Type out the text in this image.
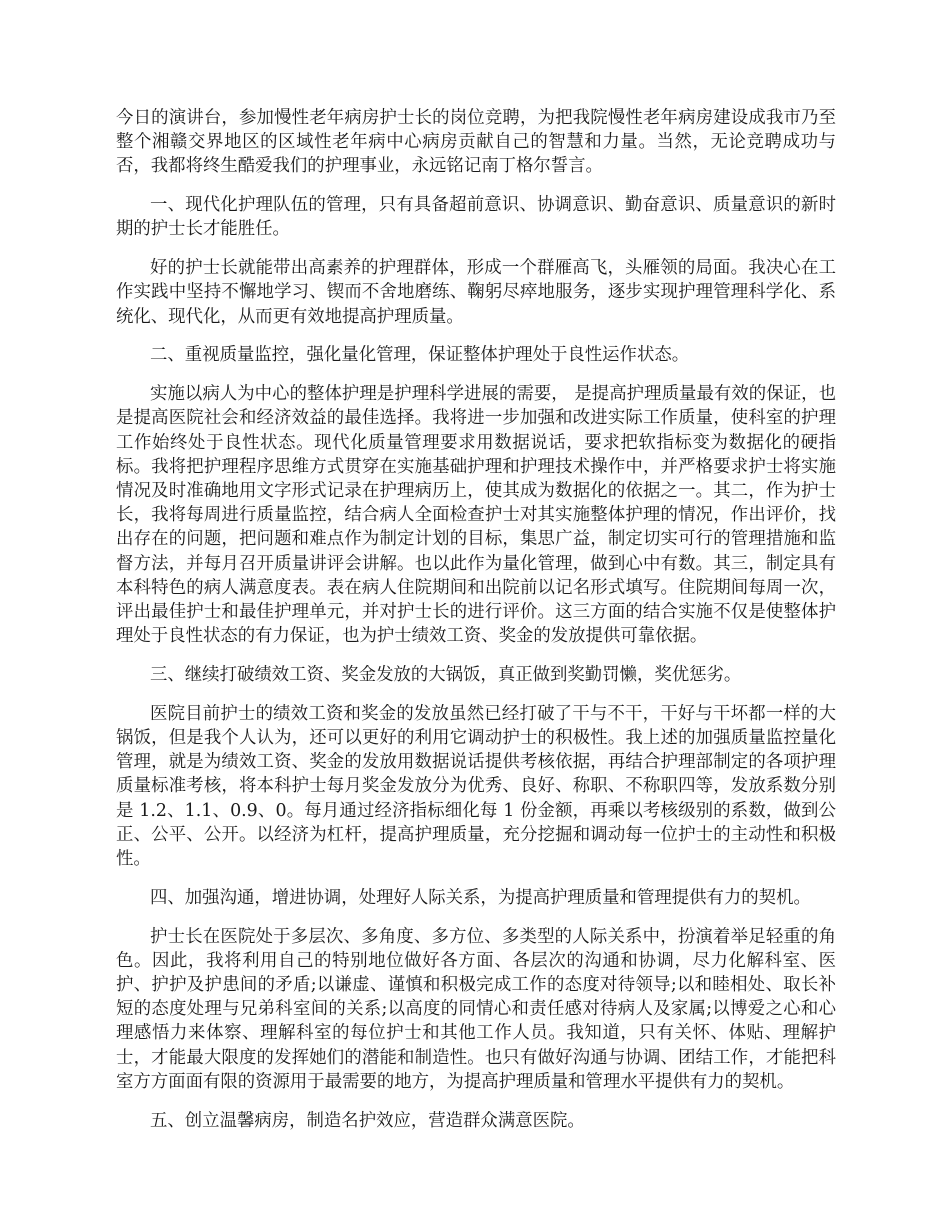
今日的演讲台，参加慢性老年病房护士长的岗位竞聘，为把我院慢性老年病房建设成我市乃至整个湘赣交界地区的区域性老年病中心病房贡献自己的智慧和力量。当然，无论竞聘成功与否，我都将终生酷爱我们的护理事业，永远铭记南丁格尔誓言。

一、现代化护理队伍的管理，只有具备超前意识、协调意识、勤奋意识、质量意识的新时期的护士长才能胜任。

好的护士长就能带出高素养的护理群体，形成一个群雁高飞，头雁领的局面。我决心在工作实践中坚持不懈地学习、锲而不舍地磨练、鞠躬尽瘁地服务，逐步实现护理管理科学化、系统化、现代化，从而更有效地提高护理质量。

二、重视质量监控，强化量化管理，保证整体护理处于良性运作状态。

实施以病人为中心的整体护理是护理科学进展的需要， 是提高护理质量最有效的保证，也是提高医院社会和经济效益的最佳选择。我将进一步加强和改进实际工作质量，使科室的护理工作始终处于良性状态。现代化质量管理要求用数据说话，要求把软指标变为数据化的硬指标。我将把护理程序思维方式贯穿在实施基础护理和护理技术操作中，并严格要求护士将实施情况及时准确地用文字形式记录在护理病历上，使其成为数据化的依据之一。其二，作为护士长，我将每周进行质量监控，结合病人全面检查护士对其实施整体护理的情况，作出评价，找出存在的问题，把问题和难点作为制定计划的目标，集思广益，制定切实可行的管理措施和监督方法，并每月召开质量讲评会讲解。也以此作为量化管理，做到心中有数。其三，制定具有本科特色的病人满意度表。表在病人住院期间和出院前以记名形式填写。住院期间每周一次，评出最佳护士和最佳护理单元，并对护士长的进行评价。这三方面的结合实施不仅是使整体护理处于良性状态的有力保证，也为护士绩效工资、奖金的发放提供可靠依据。

三、继续打破绩效工资、奖金发放的大锅饭，真正做到奖勤罚懒，奖优惩劣。

医院目前护士的绩效工资和奖金的发放虽然已经打破了干与不干，干好与干坏都一样的大锅饭，但是我个人认为，还可以更好的利用它调动护士的积极性。我上述的加强质量监控量化管理，就是为绩效工资、奖金的发放用数据说话提供考核依据，再结合护理部制定的各项护理质量标准考核，将本科护士每月奖金发放分为优秀、良好、称职、不称职四等，发放系数分别是 1.2、1.1、0.9、0。每月通过经济指标细化每 1 份金额，再乘以考核级别的系数，做到公正、公平、公开。以经济为杠杆，提高护理质量，充分挖掘和调动每一位护士的主动性和积极性。

四、加强沟通，增进协调，处理好人际关系，为提高护理质量和管理提供有力的契机。

护士长在医院处于多层次、多角度、多方位、多类型的人际关系中，扮演着举足轻重的角色。因此，我将利用自己的特别地位做好各方面、各层次的沟通和协调，尽力化解科室、医护、护护及护患间的矛盾;以谦虚、谨慎和积极完成工作的态度对待领导;以和睦相处、取长补短的态度处理与兄弟科室间的关系;以高度的同情心和责任感对待病人及家属;以博爱之心和心理感悟力来体察、理解科室的每位护士和其他工作人员。我知道，只有关怀、体贴、理解护士，才能最大限度的发挥她们的潜能和制造性。也只有做好沟通与协调、团结工作，才能把科室方方面面有限的资源用于最需要的地方，为提高护理质量和管理水平提供有力的契机。

五、创立温馨病房，制造名护效应，营造群众满意医院。
